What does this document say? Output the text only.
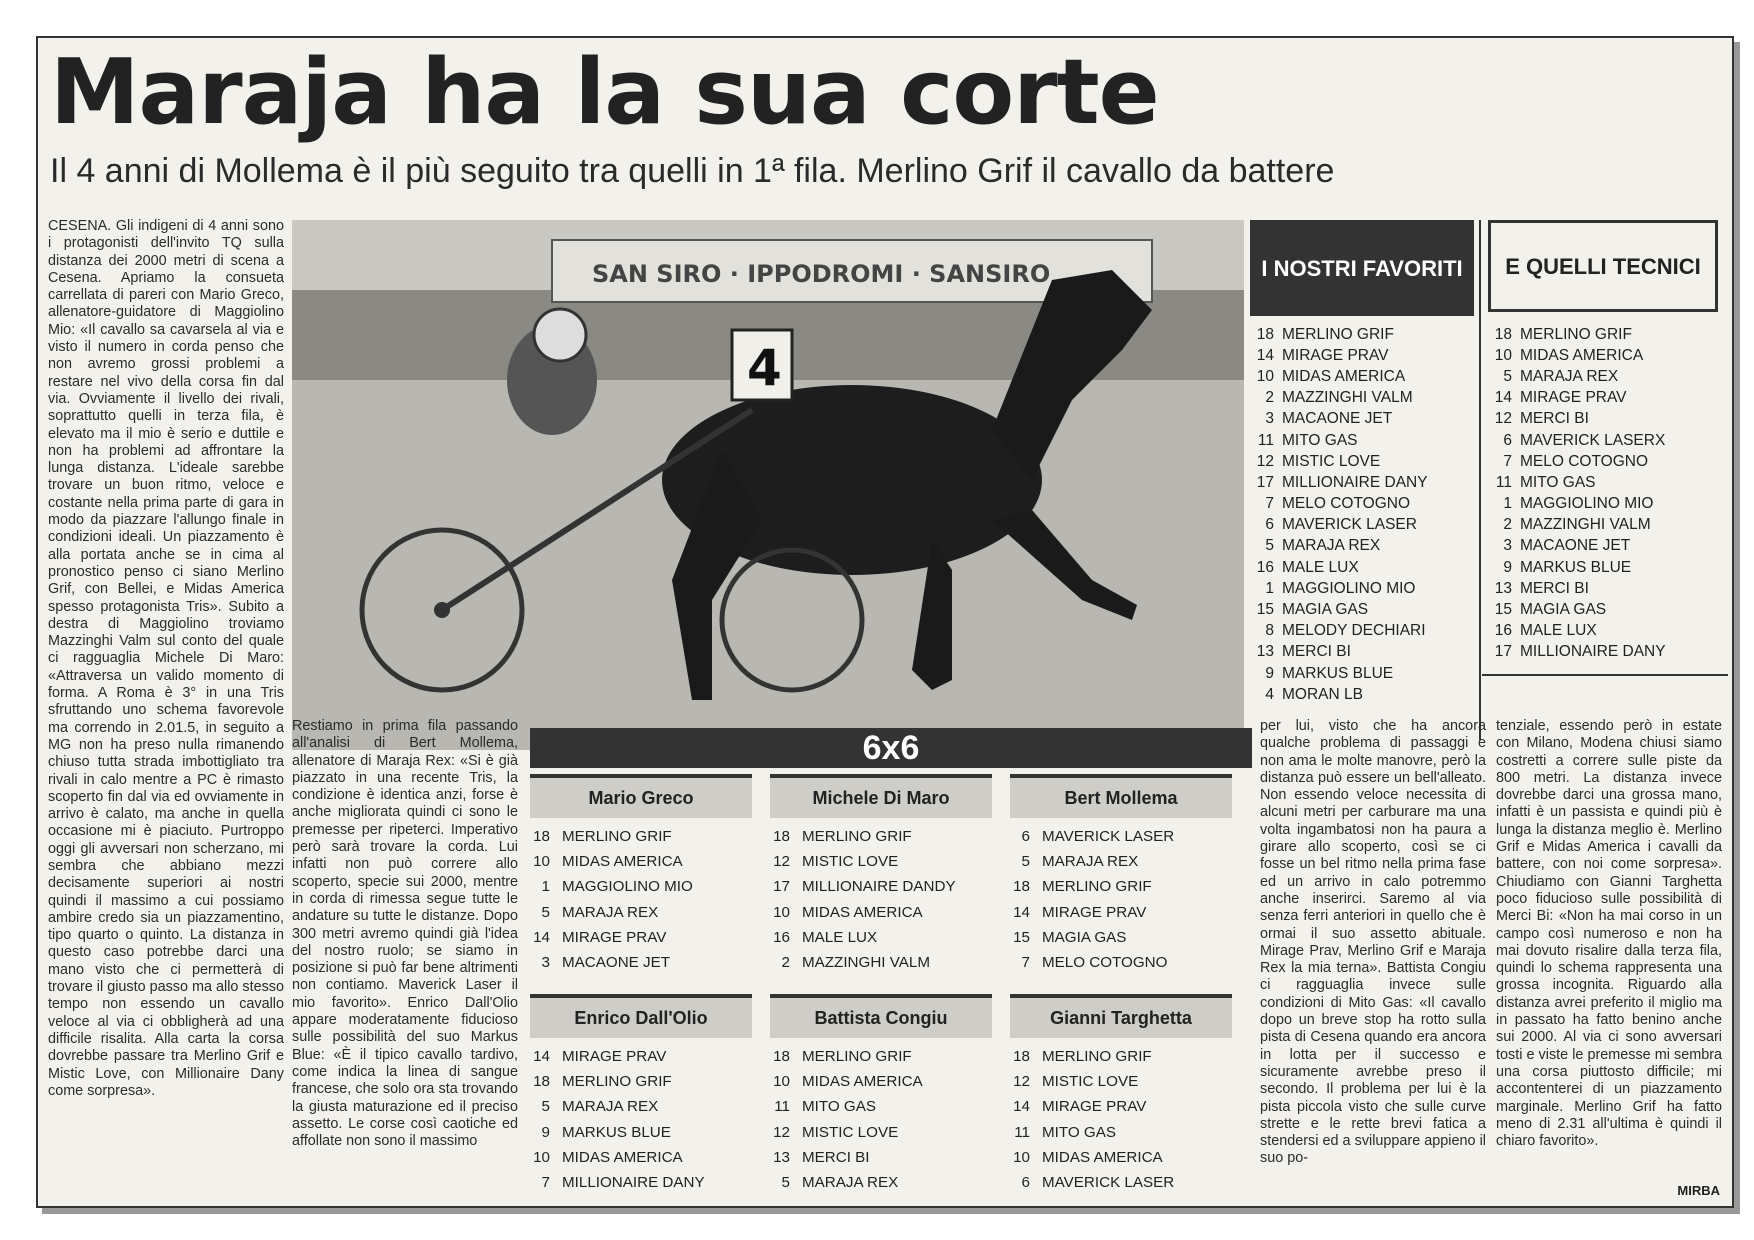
Maraja ha la sua corte
Il 4 anni di Mollema è il più seguito tra quelli in 1ª fila. Merlino Grif il cavallo da battere

CESENA. Gli indigeni di 4 anni sono i protagonisti dell'invito TQ sulla distanza dei 2000 metri di scena a Cesena. Apriamo la consueta carrellata di pareri con Mario Greco, allenatore-guidatore di Maggiolino Mio: «Il cavallo sa cavarsela al via e visto il numero in corda penso che non avremo grossi problemi a restare nel vivo della corsa fin dal via. Ovviamente il livello dei rivali, soprattutto quelli in terza fila, è elevato ma il mio è serio e duttile e non ha problemi ad affrontare la lunga distanza. L'ideale sarebbe trovare un buon ritmo, veloce e costante nella prima parte di gara in modo da piazzare l'allungo finale in condizioni ideali. Un piazzamento è alla portata anche se in cima al pronostico penso ci siano Merlino Grif, con Bellei, e Midas America spesso protagonista Tris». Subito a destra di Maggiolino troviamo Mazzinghi Valm sul conto del quale ci ragguaglia Michele Di Maro: «Attraversa un valido momento di forma. A Roma è 3° in una Tris sfruttando uno schema favorevole ma correndo in 2.01.5, in seguito a MG non ha preso nulla rimanendo chiuso tutta strada imbottigliato tra rivali in calo mentre a PC è rimasto scoperto fin dal via ed ovviamente in arrivo è calato, ma anche in quella occasione mi è piaciuto. Purtroppo oggi gli avversari non scherzano, mi sembra che abbiano mezzi decisamente superiori ai nostri quindi il massimo a cui possiamo ambire credo sia un piazzamentino, tipo quarto o quinto. La distanza in questo caso potrebbe darci una mano visto che ci permetterà di trovare il giusto passo ma allo stesso tempo non essendo un cavallo veloce al via ci obbligherà ad una difficile risalita. Alla carta la corsa dovrebbe passare tra Merlino Grif e Mistic Love, con Millionaire Dany come sorpresa».

SAN SIRO · IPPODROMI · SANSIRO
4
I NOSTRI FAVORITI
18 MERLINO GRIF
14 MIRAGE PRAV
10 MIDAS AMERICA
2 MAZZINGHI VALM
3 MACAONE JET
11 MITO GAS
12 MISTIC LOVE
17 MILLIONAIRE DANY
7 MELO COTOGNO
6 MAVERICK LASER
5 MARAJA REX
16 MALE LUX
1 MAGGIOLINO MIO
15 MAGIA GAS
8 MELODY DECHIARI
13 MERCI BI
9 MARKUS BLUE
4 MORAN LB
E QUELLI TECNICI
18 MERLINO GRIF
10 MIDAS AMERICA
5 MARAJA REX
14 MIRAGE PRAV
12 MERCI BI
6 MAVERICK LASERX
7 MELO COTOGNO
11 MITO GAS
1 MAGGIOLINO MIO
2 MAZZINGHI VALM
3 MACAONE JET
9 MARKUS BLUE
13 MERCI BI
15 MAGIA GAS
16 MALE LUX
17 MILLIONAIRE DANY

Restiamo in prima fila passando all'analisi di Bert Mollema, allenatore di Maraja Rex: «Si è già piazzato in una recente Tris, la condizione è identica anzi, forse è anche migliorata quindi ci sono le premesse per ripeterci. Imperativo però sarà trovare la corda. Lui infatti non può correre allo scoperto, specie sui 2000, mentre in corda di rimessa segue tutte le andature su tutte le distanze. Dopo 300 metri avremo quindi già l'idea del nostro ruolo; se siamo in posizione si può far bene altrimenti non contiamo. Maverick Laser il mio favorito». Enrico Dall'Olio appare moderatamente fiducioso sulle possibilità del suo Markus Blue: «È il tipico cavallo tardivo, come indica la linea di sangue francese, che solo ora sta trovando la giusta maturazione ed il preciso assetto. Le corse così caotiche ed affollate non sono il massimo

per lui, visto che ha ancora qualche problema di passaggi e non ama le molte manovre, però la distanza può essere un bell'alleato. Non essendo veloce necessita di alcuni metri per carburare ma una volta ingambatosi non ha paura a girare allo scoperto, così se ci fosse un bel ritmo nella prima fase ed un arrivo in calo potremmo anche inserirci. Saremo al via senza ferri anteriori in quello che è ormai il suo assetto abituale. Mirage Prav, Merlino Grif e Maraja Rex la mia terna». Battista Congiu ci ragguaglia invece sulle condizioni di Mito Gas: «Il cavallo dopo un breve stop ha rotto sulla pista di Cesena quando era ancora in lotta per il successo e sicuramente avrebbe preso il secondo. Il problema per lui è la pista piccola visto che sulle curve strette e le rette brevi fatica a stendersi ed a sviluppare appieno il suo po-

tenziale, essendo però in estate con Milano, Modena chiusi siamo costretti a correre sulle piste da 800 metri. La distanza invece dovrebbe darci una grossa mano, infatti è un passista e quindi più è lunga la distanza meglio è. Merlino Grif e Midas America i cavalli da battere, con noi come sorpresa». Chiudiamo con Gianni Targhetta poco fiducioso sulle possibilità di Merci Bi: «Non ha mai corso in un campo così numeroso e non ha mai dovuto risalire dalla terza fila, quindi lo schema rappresenta una grossa incognita. Riguardo alla distanza avrei preferito il miglio ma in passato ha fatto benino anche sui 2000. Al via ci sono avversari tosti e viste le premesse mi sembra una corsa piuttosto difficile; mi accontenterei di un piazzamento marginale. Merlino Grif ha fatto meno di 2.31 all'ultima è quindi il chiaro favorito».

6x6
Mario Greco
18 MERLINO GRIF
10 MIDAS AMERICA
1 MAGGIOLINO MIO
5 MARAJA REX
14 MIRAGE PRAV
3 MACAONE JET
Michele Di Maro
18 MERLINO GRIF
12 MISTIC LOVE
17 MILLIONAIRE DANDY
10 MIDAS AMERICA
16 MALE LUX
2 MAZZINGHI VALM
Bert Mollema
6 MAVERICK LASER
5 MARAJA REX
18 MERLINO GRIF
14 MIRAGE PRAV
15 MAGIA GAS
7 MELO COTOGNO
Enrico Dall'Olio
14 MIRAGE PRAV
18 MERLINO GRIF
5 MARAJA REX
9 MARKUS BLUE
10 MIDAS AMERICA
7 MILLIONAIRE DANY
Battista Congiu
18 MERLINO GRIF
10 MIDAS AMERICA
11 MITO GAS
12 MISTIC LOVE
13 MERCI BI
5 MARAJA REX
Gianni Targhetta
18 MERLINO GRIF
12 MISTIC LOVE
14 MIRAGE PRAV
11 MITO GAS
10 MIDAS AMERICA
6 MAVERICK LASER	MIRBA
